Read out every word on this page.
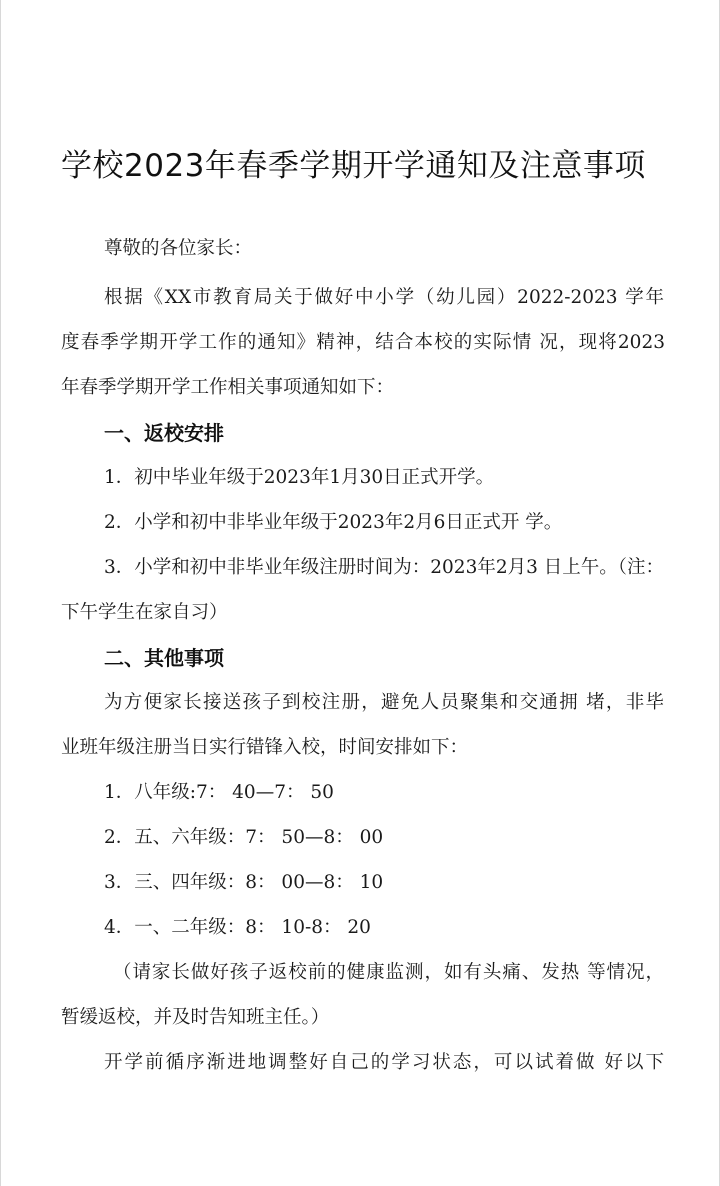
学校2023年春季学期开学通知及注意事项
尊敬的各位家长：
根据《XX市教育局关于做好中小学（幼儿园）2022-2023 学年
度春季学期开学工作的通知》精神，结合本校的实际情 况，现将2023
年春季学期开学工作相关事项通知如下：
一、返校安排
1．初中毕业年级于2023年1月30日正式开学。
2．小学和初中非毕业年级于2023年2月6日正式开 学。
3．小学和初中非毕业年级注册时间为：2023年2月3 日上午。（注：
下午学生在家自习）
二、其他事项
为方便家长接送孩子到校注册，避免人员聚集和交通拥 堵，非毕
业班年级注册当日实行错锋入校，时间安排如下：
1．八年级:7： 40—7： 50
2．五、六年级：7： 50—8： 00
3．三、四年级：8： 00—8： 10
4．一、二年级：8： 10-8： 20
（请家长做好孩子返校前的健康监测，如有头痛、发热 等情况，
暂缓返校，并及时告知班主任。）
开学前循序渐进地调整好自己的学习状态，可以试着做 好以下
